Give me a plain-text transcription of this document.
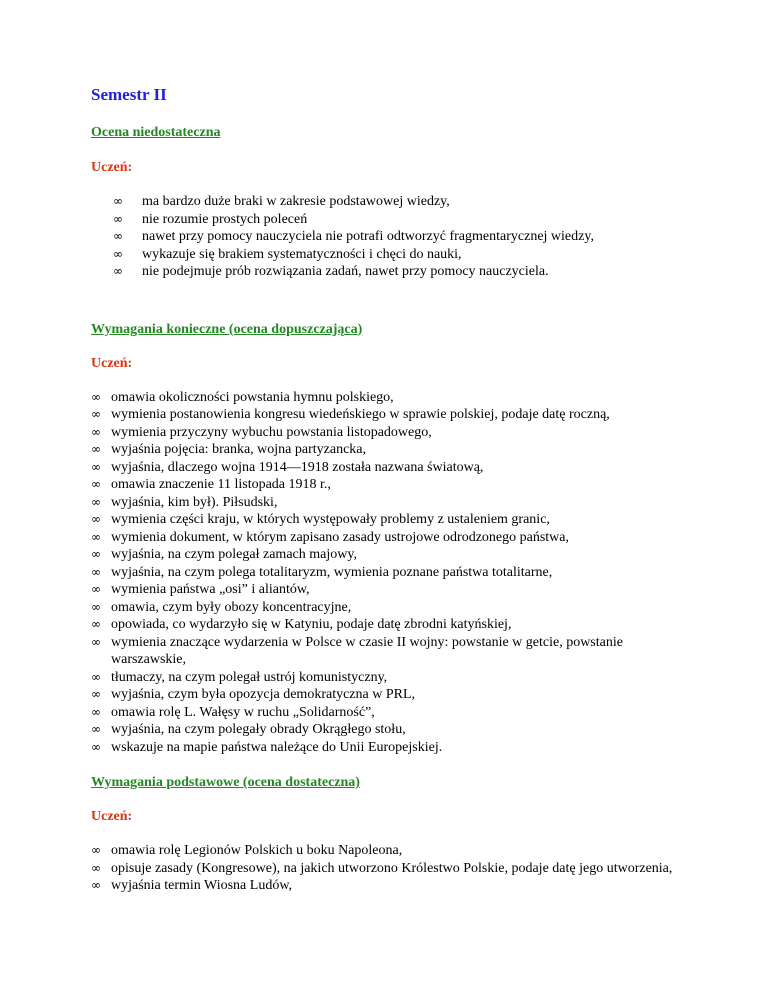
Semestr II

Ocena niedostateczna

Uczeń:

∞ ma bardzo duże braki w zakresie podstawowej wiedzy,
∞ nie rozumie prostych poleceń
∞ nawet przy pomocy nauczyciela nie potrafi odtworzyć fragmentarycznej wiedzy,
∞ wykazuje się brakiem systematyczności i chęci do nauki,
∞ nie podejmuje prób rozwiązania zadań, nawet przy pomocy nauczyciela.

Wymagania konieczne (ocena dopuszczająca)

Uczeń:

∞ omawia okoliczności powstania hymnu polskiego,
∞ wymienia postanowienia kongresu wiedeńskiego w sprawie polskiej, podaje datę roczną,
∞ wymienia przyczyny wybuchu powstania listopadowego,
∞ wyjaśnia pojęcia: branka, wojna partyzancka,
∞ wyjaśnia, dlaczego wojna 1914—1918 została nazwana światową,
∞ omawia znaczenie 11 listopada 1918 r.,
∞ wyjaśnia, kim był). Piłsudski,
∞ wymienia części kraju, w których występowały problemy z ustaleniem granic,
∞ wymienia dokument, w którym zapisano zasady ustrojowe odrodzonego państwa,
∞ wyjaśnia, na czym polegał zamach majowy,
∞ wyjaśnia, na czym polega totalitaryzm, wymienia poznane państwa totalitarne,
∞ wymienia państwa „osi” i aliantów,
∞ omawia, czym były obozy koncentracyjne,
∞ opowiada, co wydarzyło się w Katyniu, podaje datę zbrodni katyńskiej,
∞ wymienia znaczące wydarzenia w Polsce w czasie II wojny: powstanie w getcie, powstanie warszawskie,
∞ tłumaczy, na czym polegał ustrój komunistyczny,
∞ wyjaśnia, czym była opozycja demokratyczna w PRL,
∞ omawia rolę L. Wałęsy w ruchu „Solidarność”,
∞ wyjaśnia, na czym polegały obrady Okrągłego stołu,
∞ wskazuje na mapie państwa należące do Unii Europejskiej.

Wymagania podstawowe (ocena dostateczna)

Uczeń:

∞ omawia rolę Legionów Polskich u boku Napoleona,
∞ opisuje zasady (Kongresowe), na jakich utworzono Królestwo Polskie, podaje datę jego utworzenia,
∞ wyjaśnia termin Wiosna Ludów,
